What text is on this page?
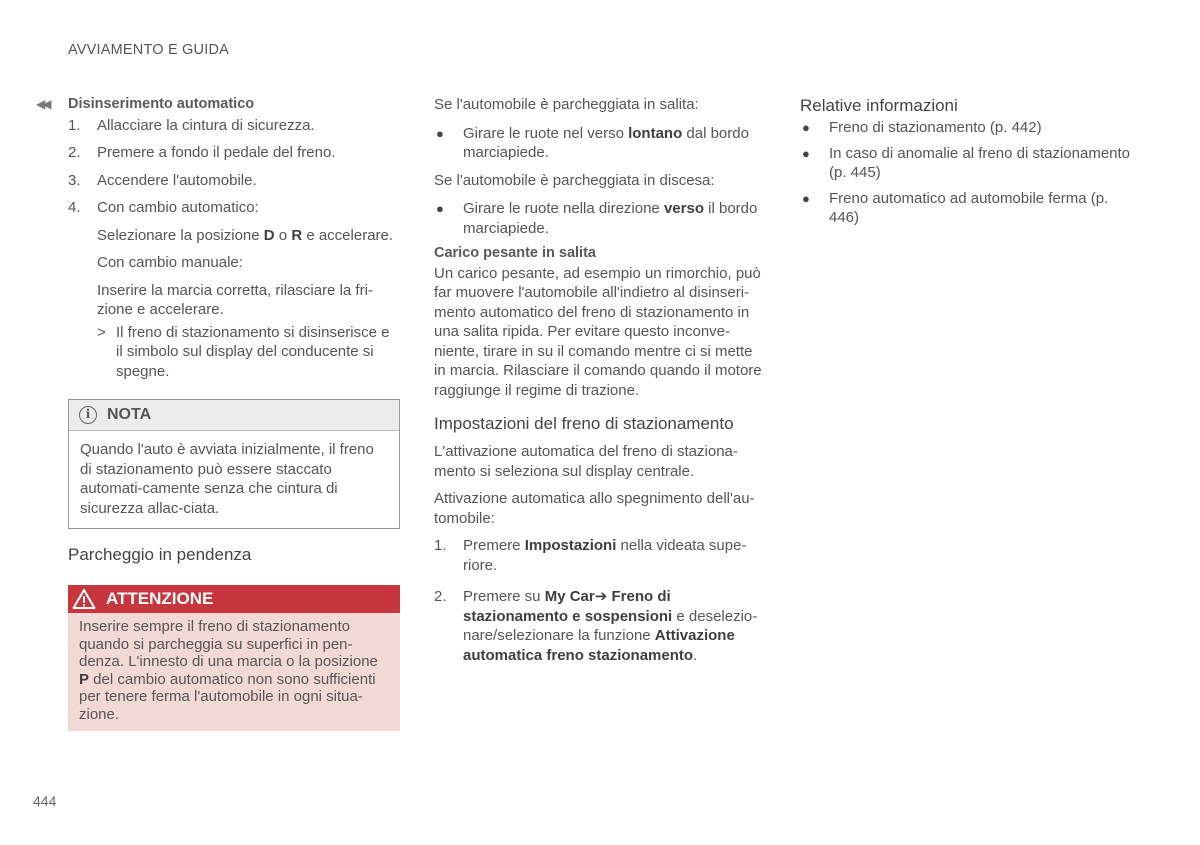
AVVIAMENTO E GUIDA
◀◀ Disinserimento automatico
1. Allacciare la cintura di sicurezza.
2. Premere a fondo il pedale del freno.
3. Accendere l'automobile.
4. Con cambio automatico:
Selezionare la posizione D o R e accelerare.
Con cambio manuale:
Inserire la marcia corretta, rilasciare la fri-zione e accelerare.
> Il freno di stazionamento si disinserisce e il simbolo sul display del conducente si spegne.
i	NOTA
Quando l'auto è avviata inizialmente, il freno di stazionamento può essere staccato automati-camente senza che cintura di sicurezza allac-ciata.
Parcheggio in pendenza
ATTENZIONE
Inserire sempre il freno di stazionamento quando si parcheggia su superfici in pen-denza. L'innesto di una marcia o la posizione P del cambio automatico non sono sufficienti per tenere ferma l'automobile in ogni situa-zione.

Se l'automobile è parcheggiata in salita:

● Girare le ruote nel verso lontano dal bordo marciapiede.

Se l'automobile è parcheggiata in discesa:

● Girare le ruote nella direzione verso il bordo marciapiede.
Carico pesante in salita

Un carico pesante, ad esempio un rimorchio, può far muovere l'automobile all'indietro al disinseri-mento automatico del freno di stazionamento in una salita ripida. Per evitare questo inconve-niente, tirare in su il comando mentre ci si mette in marcia. Rilasciare il comando quando il motore raggiunge il regime di trazione.

Impostazioni del freno di stazionamento

L'attivazione automatica del freno di staziona-mento si seleziona sul display centrale.

Attivazione automatica allo spegnimento dell'au-tomobile:

1. Premere Impostazioni nella videata supe-riore.
2. Premere su My Car➔ Freno di stazionamento e sospensioni e deselezio-nare/selezionare la funzione Attivazione automatica freno stazionamento.
Relative informazioni
● Freno di stazionamento (p. 442)
● In caso di anomalie al freno di stazionamento (p. 445)
● Freno automatico ad automobile ferma (p. 446)
444
